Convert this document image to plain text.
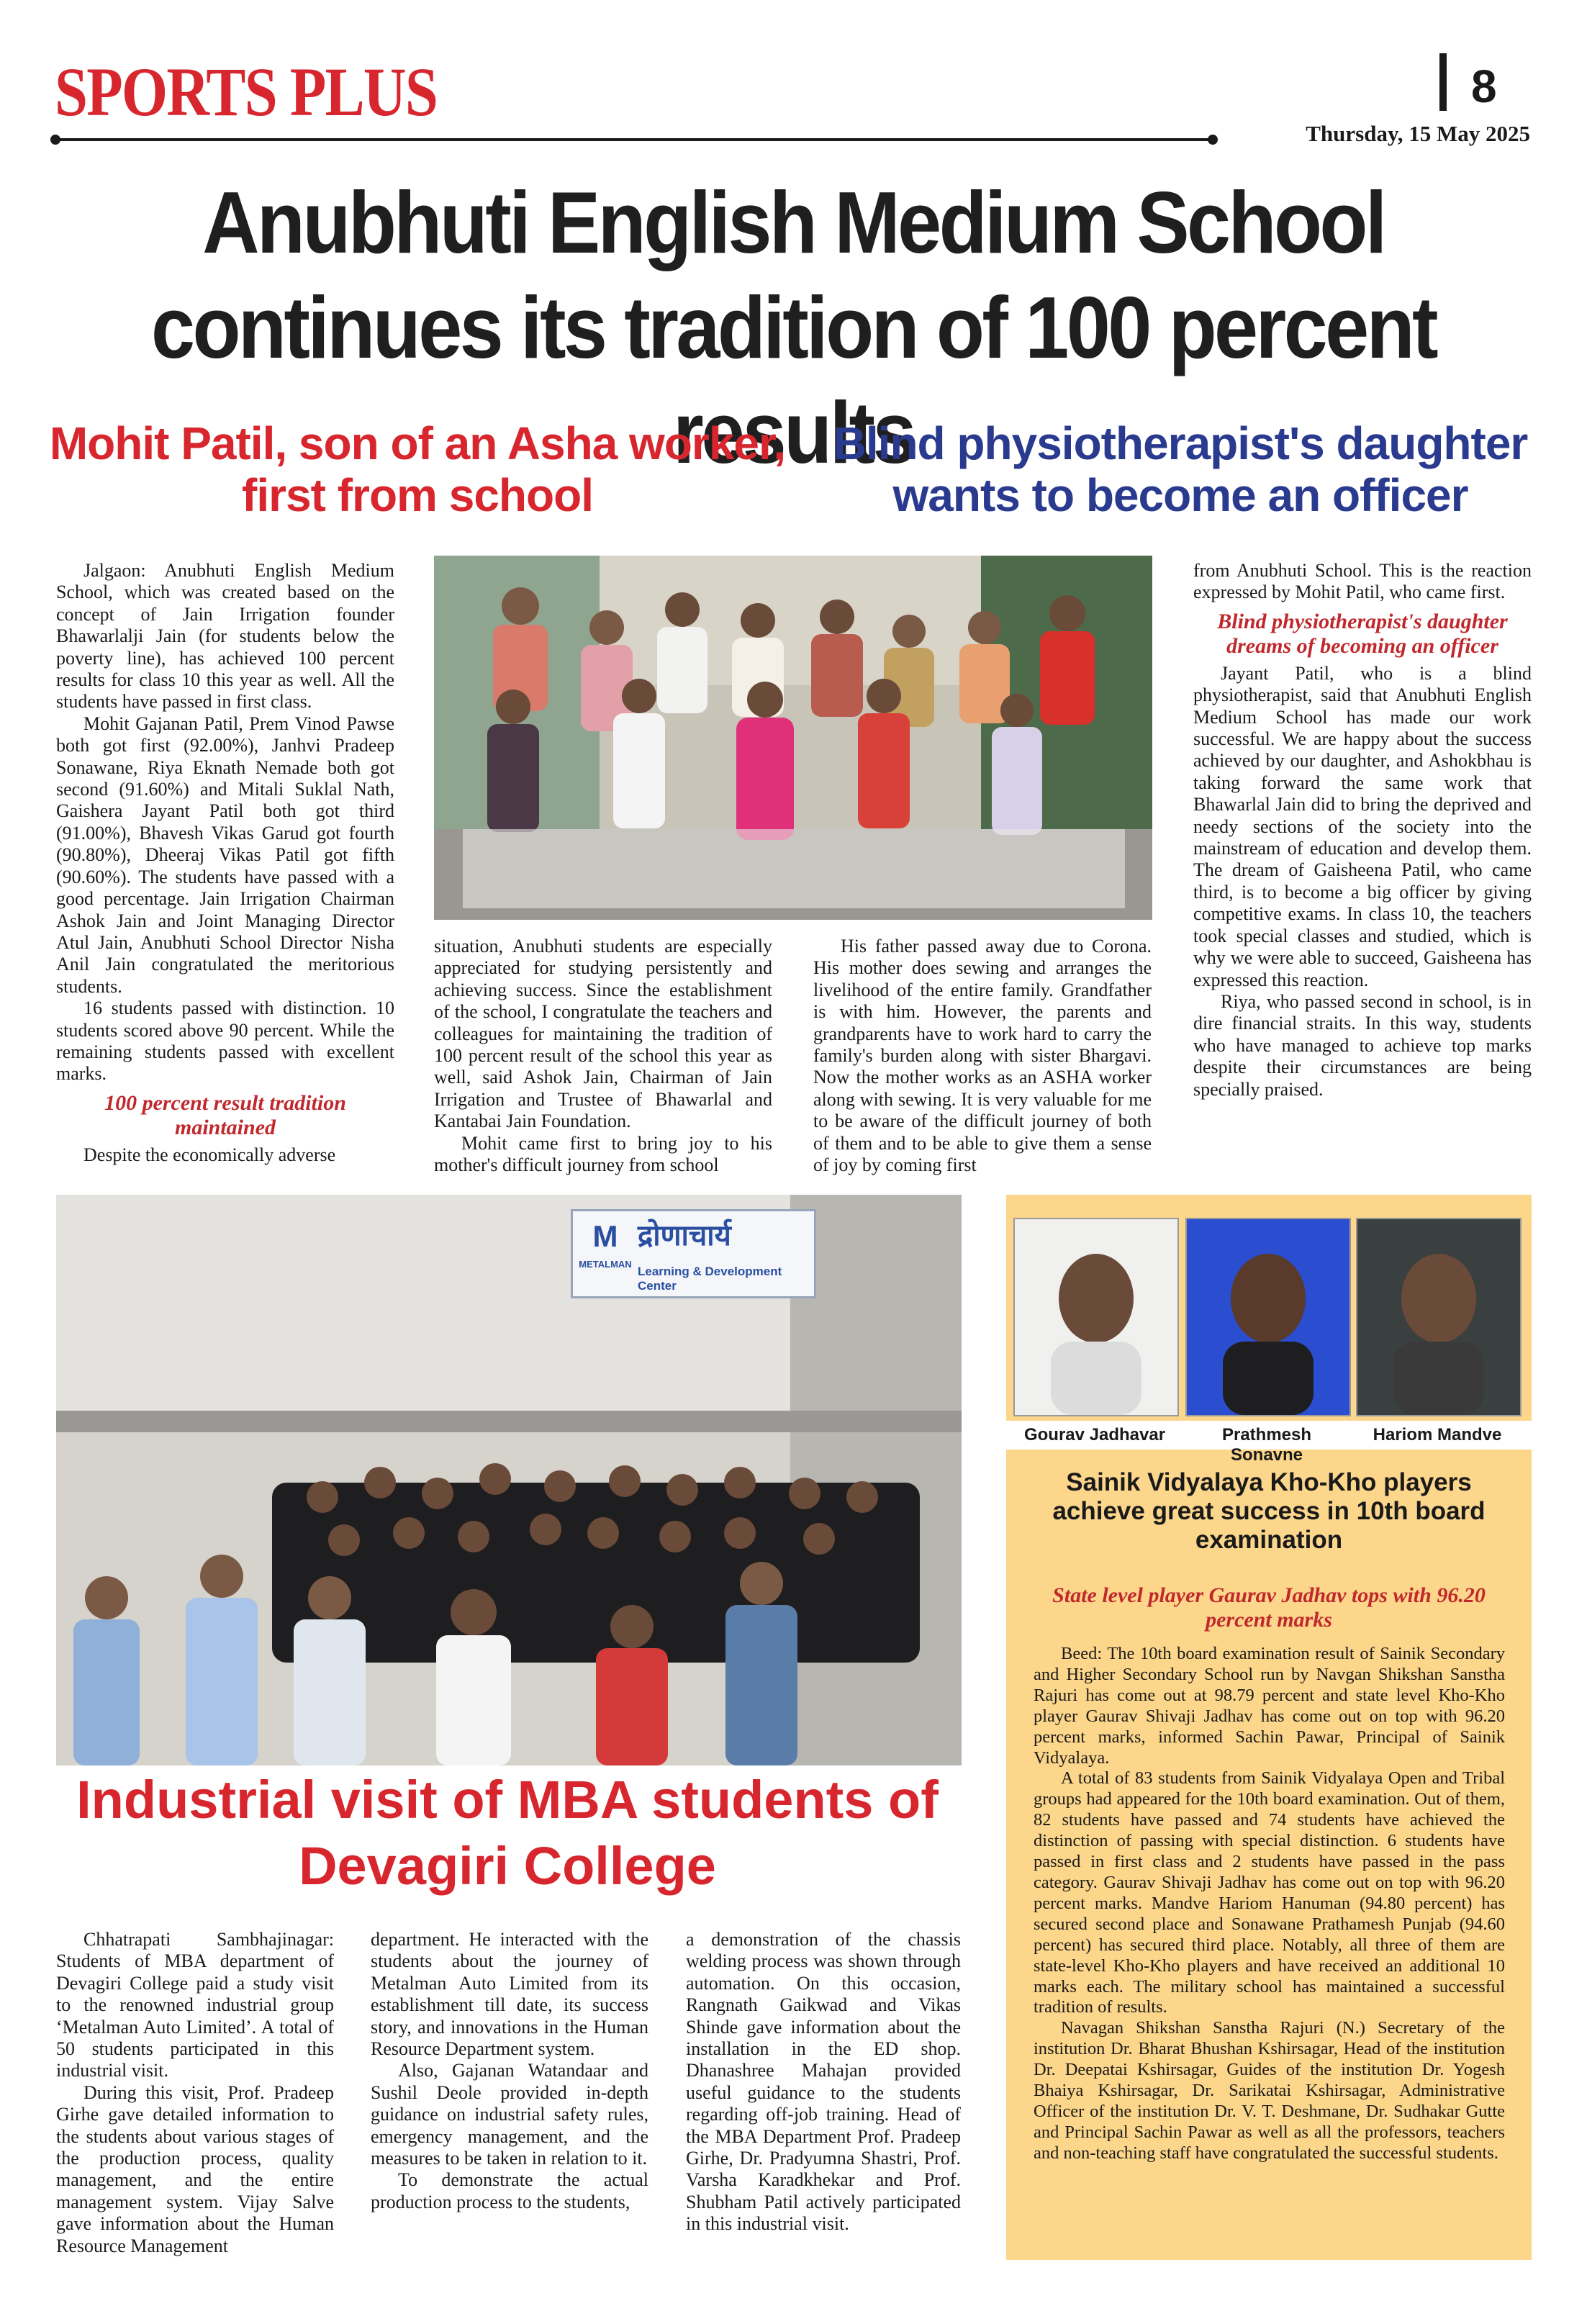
SPORTS PLUS	8
Thursday, 15 May 2025
Anubhuti English Medium School continues its tradition of 100 percent results
Mohit Patil, son of an Asha worker, first from school
Blind physiotherapist's daughter wants to become an officer

Jalgaon: Anubhuti English Medium School, which was created based on the concept of Jain Irrigation founder Bhawarlalji Jain (for students below the poverty line), has achieved 100 percent results for class 10 this year as well. All the students have passed in first class.

Mohit Gajanan Patil, Prem Vinod Pawse both got first (92.00%), Janhvi Pradeep Sonawane, Riya Eknath Nemade both got second (91.60%) and Mitali Suklal Nath, Gaishera Jayant Patil both got third (91.00%), Bhavesh Vikas Garud got fourth (90.80%), Dheeraj Vikas Patil got fifth (90.60%). The students have passed with a good percentage. Jain Irrigation Chairman Ashok Jain and Joint Managing Director Atul Jain, Anubhuti School Director Nisha Anil Jain congratulated the meritorious students.

16 students passed with distinction. 10 students scored above 90 percent. While the remaining students passed with excellent marks.

100 percent result tradition maintained

Despite the economically adverse

situation, Anubhuti students are especially appreciated for studying persistently and achieving success. Since the establishment of the school, I congratulate the teachers and colleagues for maintaining the tradition of 100 percent result of the school this year as well, said Ashok Jain, Chairman of Jain Irrigation and Trustee of Bhawarlal and Kantabai Jain Foundation.

Mohit came first to bring joy to his mother's difficult journey from school

His father passed away due to Corona. His mother does sewing and arranges the livelihood of the entire family. Grandfather is with him. However, the parents and grandparents have to work hard to carry the family's burden along with sister Bhargavi. Now the mother works as an ASHA worker along with sewing. It is very valuable for me to be aware of the difficult journey of both of them and to be able to give them a sense of joy by coming first

from Anubhuti School. This is the reaction expressed by Mohit Patil, who came first.

Blind physiotherapist's daughter dreams of becoming an officer

Jayant Patil, who is a blind physiotherapist, said that Anubhuti English Medium School has made our work successful. We are happy about the success achieved by our daughter, and Ashokbhau is taking forward the same work that Bhawarlal Jain did to bring the deprived and needy sections of the society into the mainstream of education and develop them. The dream of Gaisheena Patil, who came third, is to become a big officer by giving competitive exams. In class 10, the teachers took special classes and studied, which is why we were able to succeed, Gaisheena has expressed this reaction.

Riya, who passed second in school, is in dire financial straits. In this way, students who have managed to achieve top marks despite their circumstances are being specially praised.

M
METALMAN
द्रोणाचार्य
Learning & Development Center
Industrial visit of MBA students of Devagiri College

Chhatrapati Sambhajinagar: Students of MBA department of Devagiri College paid a study visit to the renowned industrial group ‘Metalman Auto Limited’. A total of 50 students participated in this industrial visit.

During this visit, Prof. Pradeep Girhe gave detailed information to the students about various stages of the production process, quality management, and the entire management system. Vijay Salve gave information about the Human Resource Management

department. He interacted with the students about the journey of Metalman Auto Limited from its establishment till date, its success story, and innovations in the Human Resource Department system.

Also, Gajanan Watandaar and Sushil Deole provided in-depth guidance on industrial safety rules, emergency management, and the measures to be taken in relation to it.

To demonstrate the actual production process to the students,

a demonstration of the chassis welding process was shown through automation. On this occasion, Rangnath Gaikwad and Vikas Shinde gave information about the installation in the ED shop. Dhanashree Mahajan provided useful guidance to the students regarding off-job training. Head of the MBA Department Prof. Pradeep Girhe, Dr. Pradyumna Shastri, Prof. Varsha Karadkhekar and Prof. Shubham Patil actively participated in this industrial visit.

Gourav Jadhavar	Prathmesh Sonavne
Hariom Mandve
Sainik Vidyalaya Kho-Kho players achieve great success in 10th board examination
State level player Gaurav Jadhav tops with 96.20 percent marks

Beed: The 10th board examination result of Sainik Secondary and Higher Secondary School run by Navgan Shikshan Sanstha Rajuri has come out at 98.79 percent and state level Kho-Kho player Gaurav Shivaji Jadhav has come out on top with 96.20 percent marks, informed Sachin Pawar, Principal of Sainik Vidyalaya.

A total of 83 students from Sainik Vidyalaya Open and Tribal groups had appeared for the 10th board examination. Out of them, 82 students have passed and 74 students have achieved the distinction of passing with special distinction. 6 students have passed in first class and 2 students have passed in the pass category. Gaurav Shivaji Jadhav has come out on top with 96.20 percent marks. Mandve Hariom Hanuman (94.80 percent) has secured second place and Sonawane Prathamesh Punjab (94.60 percent) has secured third place. Notably, all three of them are state-level Kho-Kho players and have received an additional 10 marks each. The military school has maintained a successful tradition of results.

Navagan Shikshan Sanstha Rajuri (N.) Secretary of the institution Dr. Bharat Bhushan Kshirsagar, Head of the institution Dr. Deepatai Kshirsagar, Guides of the institution Dr. Yogesh Bhaiya Kshirsagar, Dr. Sarikatai Kshirsagar, Administrative Officer of the institution Dr. V. T. Deshmane, Dr. Sudhakar Gutte and Principal Sachin Pawar as well as all the professors, teachers and non-teaching staff have congratulated the successful students.
